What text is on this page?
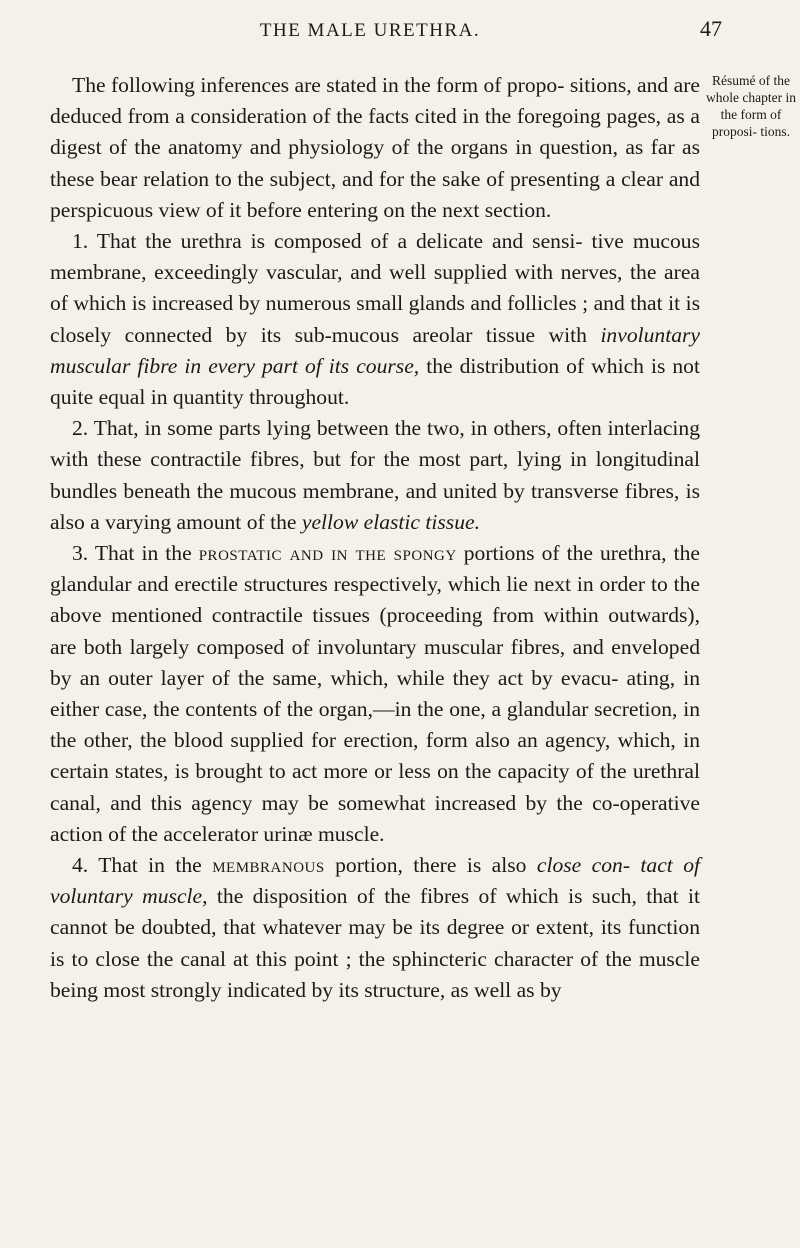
THE MALE URETHRA.	47
Résumé of the whole chapter in the form of proposi- tions.

The following inferences are stated in the form of propo- sitions, and are deduced from a consideration of the facts cited in the foregoing pages, as a digest of the anatomy and physiology of the organs in question, as far as these bear relation to the subject, and for the sake of presenting a clear and perspicuous view of it before entering on the next section.

1. That the urethra is composed of a delicate and sensi- tive mucous membrane, exceedingly vascular, and well supplied with nerves, the area of which is increased by numerous small glands and follicles ; and that it is closely connected by its sub-mucous areolar tissue with involuntary muscular fibre in every part of its course, the distribution of which is not quite equal in quantity throughout.

2. That, in some parts lying between the two, in others, often interlacing with these contractile fibres, but for the most part, lying in longitudinal bundles beneath the mucous membrane, and united by transverse fibres, is also a varying amount of the yellow elastic tissue.

3. That in the prostatic and in the spongy portions of the urethra, the glandular and erectile structures respectively, which lie next in order to the above mentioned contractile tissues (proceeding from within outwards), are both largely composed of involuntary muscular fibres, and enveloped by an outer layer of the same, which, while they act by evacu- ating, in either case, the contents of the organ,—in the one, a glandular secretion, in the other, the blood supplied for erection, form also an agency, which, in certain states, is brought to act more or less on the capacity of the urethral canal, and this agency may be somewhat increased by the co-operative action of the accelerator urinæ muscle.

4. That in the membranous portion, there is also close con- tact of voluntary muscle, the disposition of the fibres of which is such, that it cannot be doubted, that whatever may be its degree or extent, its function is to close the canal at this point ; the sphincteric character of the muscle being most strongly indicated by its structure, as well as by
